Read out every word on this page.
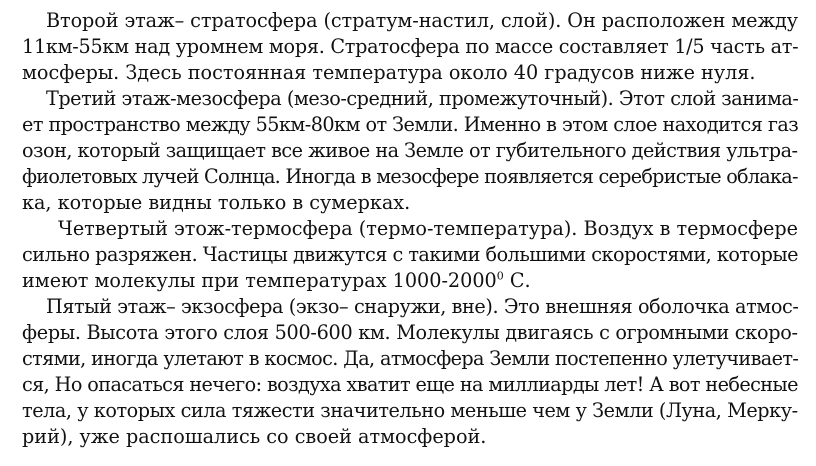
Второй этаж– стратосфера (стратум-настил, слой). Он расположен между
11км-55км над уромнем моря. Стратосфера по массе составляет 1/5 часть ат-
мосферы. Здесь постоянная температура около 40 градусов ниже нуля.
Третий этаж-мезосфера (мезо-средний, промежуточный). Этот слой занима-
ет пространство между 55км-80км от Земли. Именно в этом слое находится газ
озон, который защищает все живое на Земле от губительного действия ультра-
фиолетовых лучей Солнца. Иногда в мезосфере появляется серебристые облака-
ка, которые видны только в сумерках.
Четвертый этож-термосфера (термо-температура). Воздух в термосфере
сильно разряжен. Частицы движутся с такими большими скоростями, которые
имеют молекулы при температурах 1000-2000$^0$ С.
Пятый этаж– экзосфера (экзо– снаружи, вне). Это внешняя оболочка атмос-
феры. Высота этого слоя 500-600 км. Молекулы двигаясь с огромными скоро-
стями, иногда улетают в космос. Да, атмосфера Земли постепенно улетучивает-
ся, Но опасаться нечего: воздуха хватит еще на миллиарды лет! А вот небесные
тела, у которых сила тяжести значительно меньше чем у Земли (Луна, Мерку-
рий), уже распошались со своей атмосферой.
